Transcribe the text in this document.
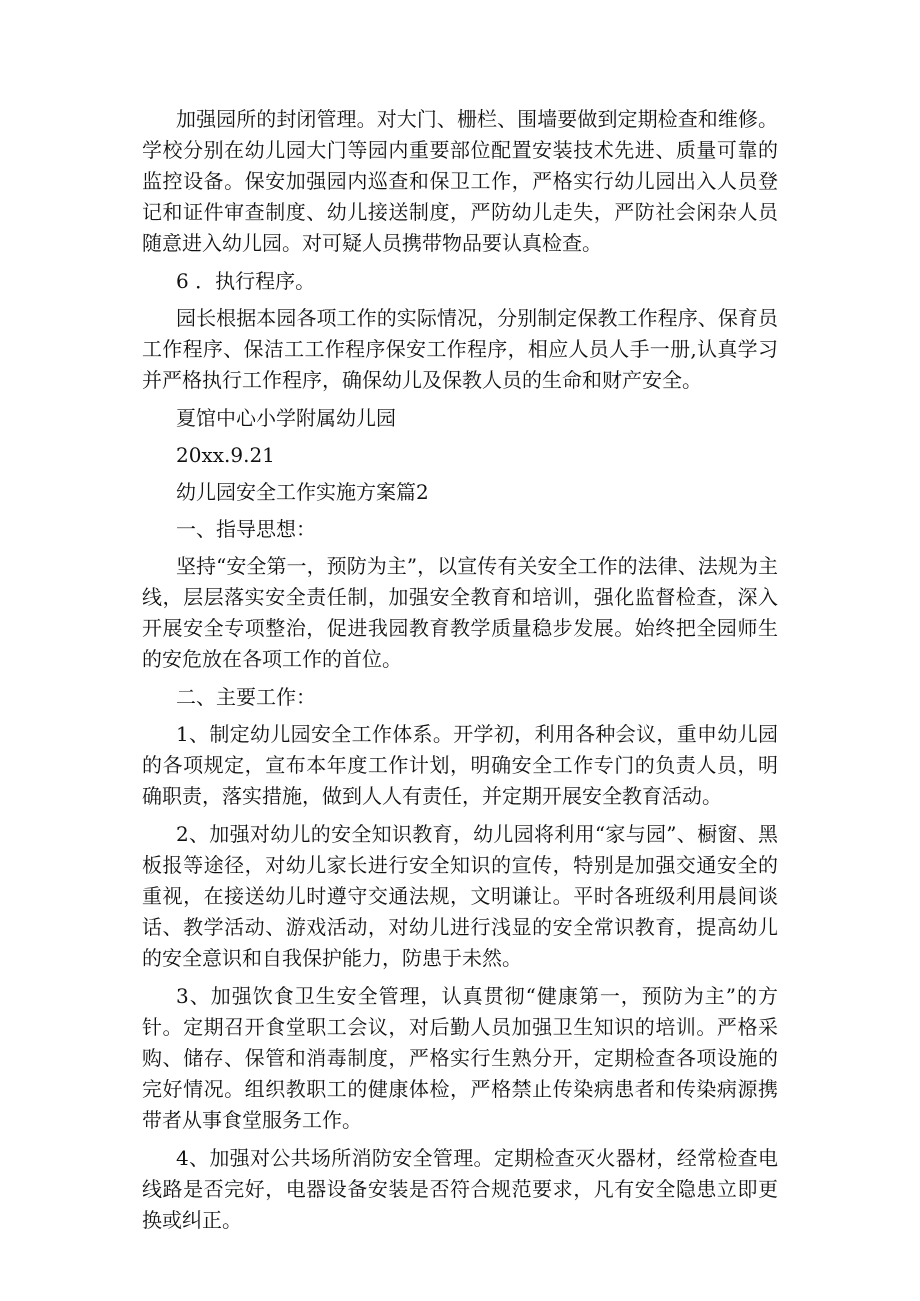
加强园所的封闭管理。对大门、栅栏、围墙要做到定期检查和维修。学校分别在幼儿园大门等园内重要部位配置安装技术先进、质量可靠的监控设备。保安加强园内巡查和保卫工作，严格实行幼儿园出入人员登记和证件审查制度、幼儿接送制度，严防幼儿走失，严防社会闲杂人员随意进入幼儿园。对可疑人员携带物品要认真检查。

6 ．执行程序。

园长根据本园各项工作的实际情况，分别制定保教工作程序、保育员工作程序、保洁工工作程序保安工作程序，相应人员人手一册,认真学习并严格执行工作程序，确保幼儿及保教人员的生命和财产安全。

夏馆中心小学附属幼儿园

20xx.9.21

幼儿园安全工作实施方案篇2

一、指导思想：

坚持“安全第一，预防为主”，以宣传有关安全工作的法律、法规为主线，层层落实安全责任制，加强安全教育和培训，强化监督检查，深入开展安全专项整治，促进我园教育教学质量稳步发展。始终把全园师生的安危放在各项工作的首位。

二、主要工作：

1、制定幼儿园安全工作体系。开学初，利用各种会议，重申幼儿园的各项规定，宣布本年度工作计划，明确安全工作专门的负责人员，明确职责，落实措施，做到人人有责任，并定期开展安全教育活动。

2、加强对幼儿的安全知识教育，幼儿园将利用“家与园”、橱窗、黑板报等途径，对幼儿家长进行安全知识的宣传，特别是加强交通安全的重视，在接送幼儿时遵守交通法规，文明谦让。平时各班级利用晨间谈话、教学活动、游戏活动，对幼儿进行浅显的安全常识教育，提高幼儿的安全意识和自我保护能力，防患于未然。

3、加强饮食卫生安全管理，认真贯彻“健康第一，预防为主”的方针。定期召开食堂职工会议，对后勤人员加强卫生知识的培训。严格采购、储存、保管和消毒制度，严格实行生熟分开，定期检查各项设施的完好情况。组织教职工的健康体检，严格禁止传染病患者和传染病源携带者从事食堂服务工作。

4、加强对公共场所消防安全管理。定期检查灭火器材，经常检查电线路是否完好，电器设备安装是否符合规范要求，凡有安全隐患立即更换或纠正。
